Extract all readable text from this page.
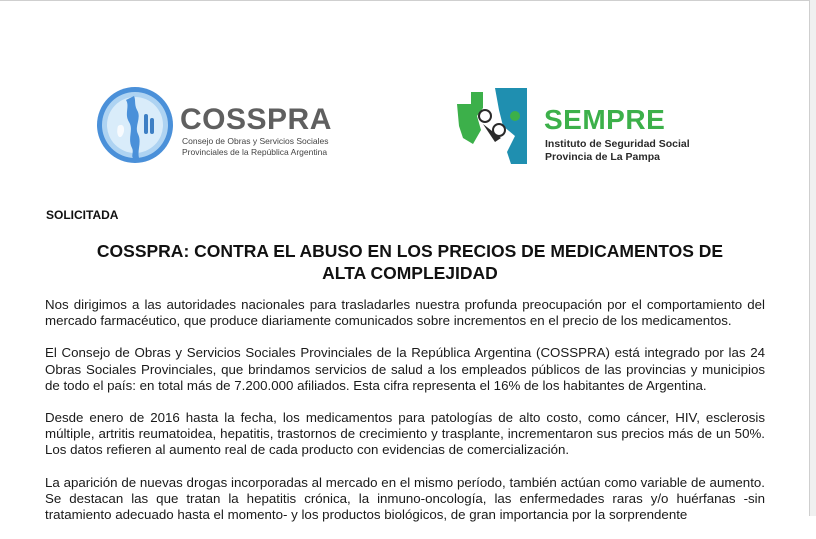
COSSPRA
Consejo de Obras y Servicios Sociales
Provinciales de la República Argentina
SEMPRE
Instituto de Seguridad Social
Provincia de La Pampa
SOLICITADA
COSSPRA: CONTRA EL ABUSO EN LOS PRECIOS DE MEDICAMENTOS DE
ALTA COMPLEJIDAD

Nos dirigimos a las autoridades nacionales para trasladarles nuestra profunda preocupación por el comportamiento del mercado farmacéutico, que produce diariamente comunicados sobre incrementos en el precio de los medicamentos.

El Consejo de Obras y Servicios Sociales Provinciales de la República Argentina (COSSPRA) está integrado por las 24 Obras Sociales Provinciales, que brindamos servicios de salud a los empleados públicos de las provincias y municipios de todo el país: en total más de 7.200.000 afiliados. Esta cifra representa el 16% de los habitantes de Argentina.

Desde enero de 2016 hasta la fecha, los medicamentos para patologías de alto costo, como cáncer, HIV, esclerosis múltiple, artritis reumatoidea, hepatitis, trastornos de crecimiento y trasplante, incrementaron sus precios más de un 50%. Los datos refieren al aumento real de cada producto con evidencias de comercialización.

La aparición de nuevas drogas incorporadas al mercado en el mismo período, también actúan como variable de aumento. Se destacan las que tratan la hepatitis crónica, la inmuno-oncología, las enfermedades raras y/o huérfanas -sin tratamiento adecuado hasta el momento- y los productos biológicos, de gran importancia por la sorprendente
